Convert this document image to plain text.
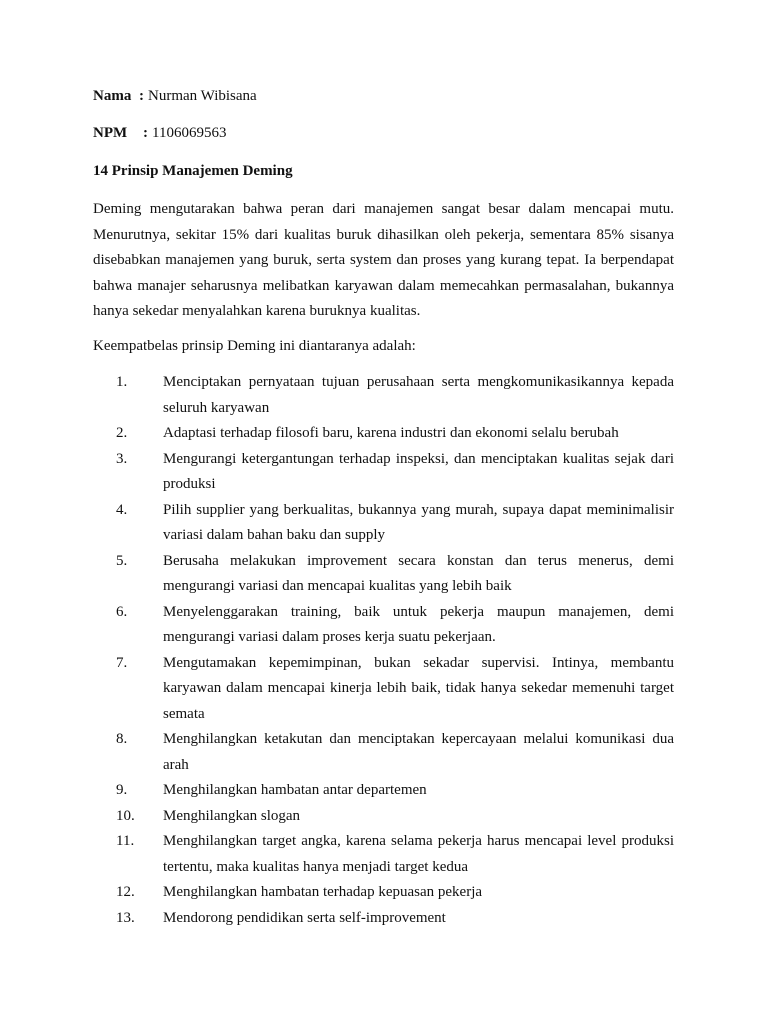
Nama : Nurman Wibisana
NPM : 1106069563
14 Prinsip Manajemen Deming

Deming mengutarakan bahwa peran dari manajemen sangat besar dalam mencapai mutu. Menurutnya, sekitar 15% dari kualitas buruk dihasilkan oleh pekerja, sementara 85% sisanya disebabkan manajemen yang buruk, serta system dan proses yang kurang tepat. Ia berpendapat bahwa manajer seharusnya melibatkan karyawan dalam memecahkan permasalahan, bukannya hanya sekedar menyalahkan karena buruknya kualitas.

Keempatbelas prinsip Deming ini diantaranya adalah:
1. Menciptakan pernyataan tujuan perusahaan serta mengkomunikasikannya kepada seluruh karyawan
2. Adaptasi terhadap filosofi baru, karena industri dan ekonomi selalu berubah
3. Mengurangi ketergantungan terhadap inspeksi, dan menciptakan kualitas sejak dari produksi
4. Pilih supplier yang berkualitas, bukannya yang murah, supaya dapat meminimalisir variasi dalam bahan baku dan supply
5. Berusaha melakukan improvement secara konstan dan terus menerus, demi mengurangi variasi dan mencapai kualitas yang lebih baik
6. Menyelenggarakan training, baik untuk pekerja maupun manajemen, demi mengurangi variasi dalam proses kerja suatu pekerjaan.
7. Mengutamakan kepemimpinan, bukan sekadar supervisi. Intinya, membantu karyawan dalam mencapai kinerja lebih baik, tidak hanya sekedar memenuhi target semata
8. Menghilangkan ketakutan dan menciptakan kepercayaan melalui komunikasi dua arah
9. Menghilangkan hambatan antar departemen
10. Menghilangkan slogan
11. Menghilangkan target angka, karena selama pekerja harus mencapai level produksi tertentu, maka kualitas hanya menjadi target kedua
12. Menghilangkan hambatan terhadap kepuasan pekerja
13. Mendorong pendidikan serta self-improvement
